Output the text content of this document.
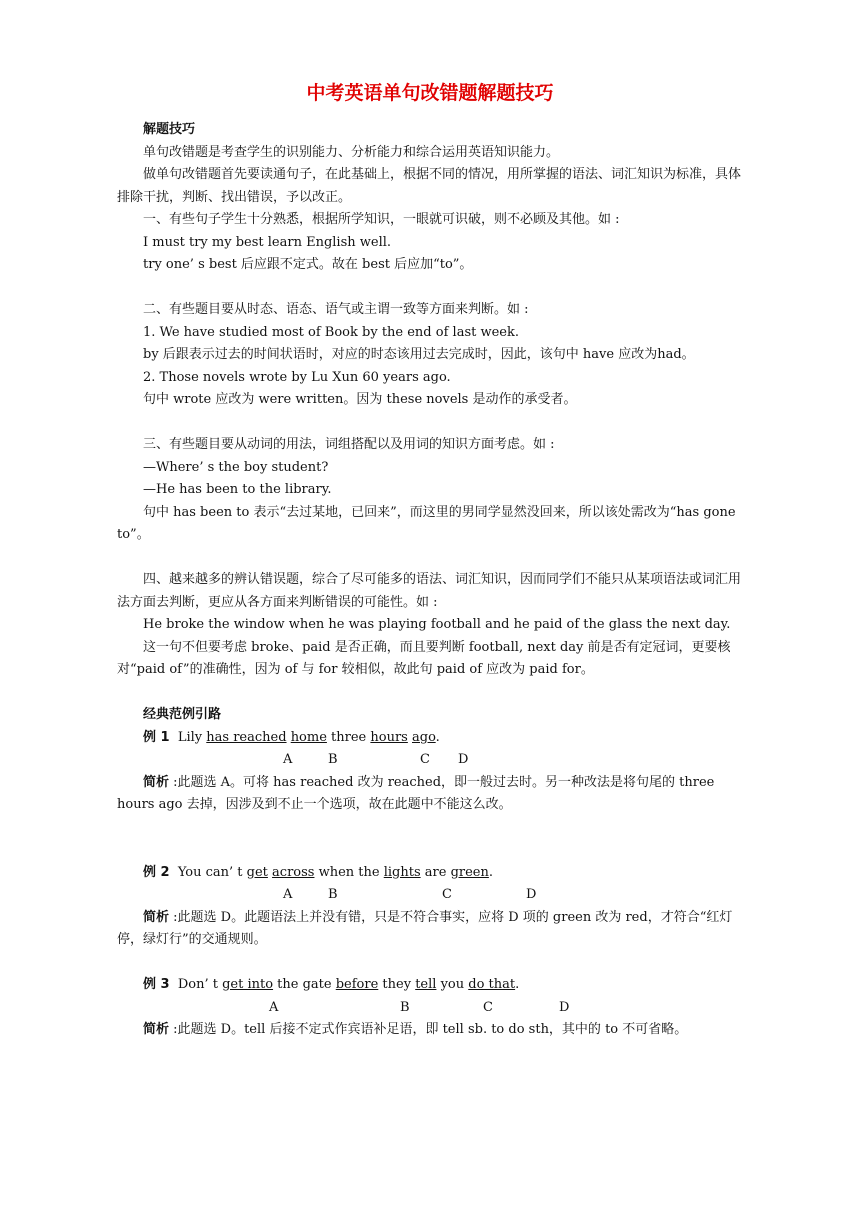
中考英语单句改错题解题技巧

解题技巧

单句改错题是考查学生的识别能力、分析能力和综合运用英语知识能力。

做单句改错题首先要读通句子，在此基础上，根据不同的情况，用所掌握的语法、词汇知识为标准，具体排除干扰，判断、找出错误，予以改正。

一、有些句子学生十分熟悉，根据所学知识，一眼就可识破，则不必顾及其他。如 :

I must try my best learn English well.

try one’ s best 后应跟不定式。故在 best 后应加“to”。

二、有些题目要从时态、语态、语气或主谓一致等方面来判断。如 :

1. We have studied most of Book by the end of last week.

by 后跟表示过去的时间状语时，对应的时态该用过去完成时，因此，该句中 have 应改为had。

2. Those novels wrote by Lu Xun 60 years ago.

句中 wrote 应改为 were written。因为 these novels 是动作的承受者。

三、有些题目要从动词的用法，词组搭配以及用词的知识方面考虑。如 :

—Where’ s the boy student?

—He has been to the library.

句中 has been to 表示“去过某地，已回来”，而这里的男同学显然没回来，所以该处需改为“has gone to”。

四、越来越多的辨认错误题，综合了尽可能多的语法、词汇知识，因而同学们不能只从某项语法或词汇用法方面去判断，更应从各方面来判断错误的可能性。如 :

He broke the window when he was playing football and he paid of the glass the next day.

这一句不但要考虑 broke、paid 是否正确，而且要判断 football, next day 前是否有定冠词，更要核对“paid of”的准确性，因为 of 与 for 较相似，故此句 paid of 应改为 paid for。

经典范例引路

例 1 Lily has reached home three hours ago.

A	B	C D

简析 :此题选 A。可将 has reached 改为 reached，即一般过去时。另一种改法是将句尾的 three hours ago 去掉，因涉及到不止一个选项，故在此题中不能这么改。

例 2 You can’ t get across when the lights are green.

A	B	C	D

简析 :此题选 D。此题语法上并没有错，只是不符合事实，应将 D 项的 green 改为 red，才符合“红灯停，绿灯行”的交通规则。

例 3 Don’ t get into the gate before they tell you do that.

A	B	C	D

简析 :此题选 D。tell 后接不定式作宾语补足语，即 tell sb. to do sth，其中的 to 不可省略。
